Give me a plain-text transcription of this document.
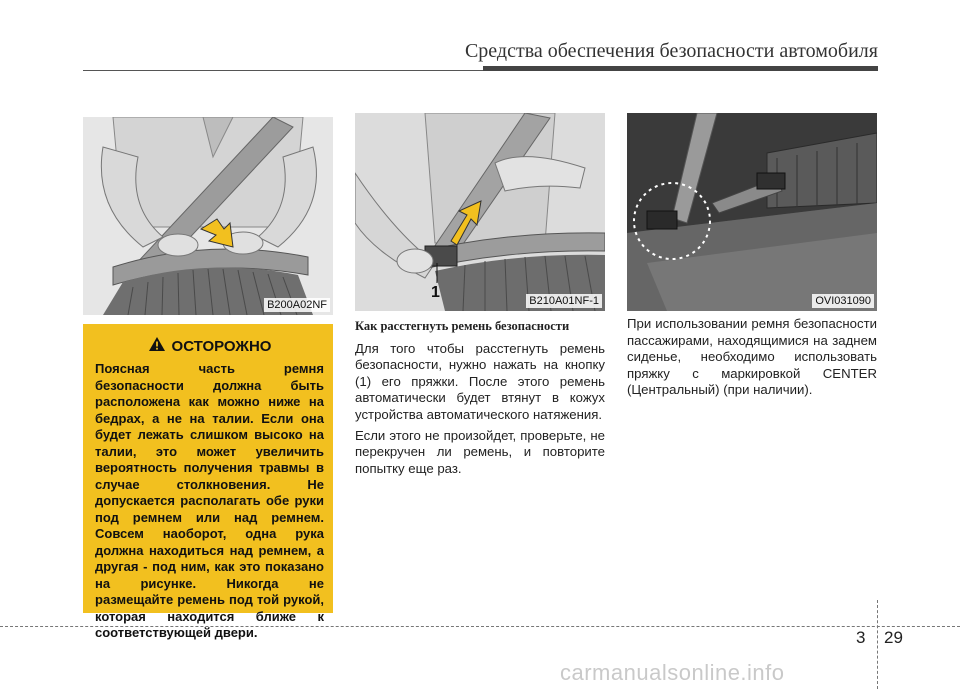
Средства обеспечения безопасности автомобиля
B200A02NF
1	B210A01NF-1	OVI031090
ОСТОРОЖНО

Поясная часть ремня безопасности должна быть расположена как можно ниже на бедрах, а не на талии. Если она будет лежать слишком высоко на талии, это может увеличить вероятность получения травмы в случае столкновения. Не допускается располагать обе руки под ремнем или над ремнем. Совсем наоборот, одна рука должна находиться над ремнем, а другая - под ним, как это показано на рисунке. Никогда не размещайте ремень под той рукой, которая находится ближе к соответствующей двери.

Как расстегнуть ремень безопасности

Для того чтобы расстегнуть ремень безопасности, нужно нажать на кнопку (1) его пряжки. После этого ремень автоматически будет втянут в кожух устройства автоматического натяжения.

Если этого не произойдет, проверьте, не перекручен ли ремень, и повторите попытку еще раз.

При использовании ремня безопасности пассажирами, находящимися на заднем сиденье, необходимо использовать пряжку с маркировкой CENTER (Центральный) (при наличии).

3 29
carmanualsonline.info
